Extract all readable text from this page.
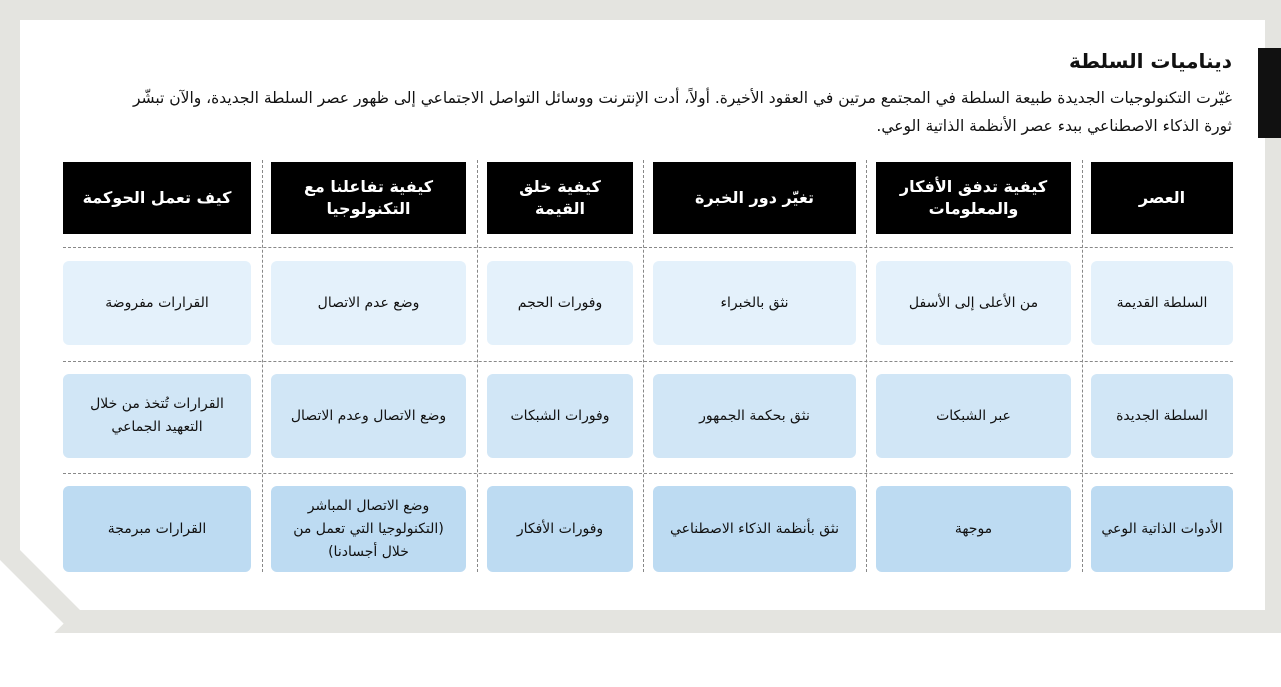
ديناميات السلطة

غيّرت التكنولوجيات الجديدة طبيعة السلطة في المجتمع مرتين في العقود الأخيرة. أولاً، أدت الإنترنت ووسائل التواصل الاجتماعي إلى ظهور عصر السلطة الجديدة، والآن تبشّر ثورة الذكاء الاصطناعي ببدء عصر الأنظمة الذاتية الوعي.

العصر
كيفية تدفق الأفكار والمعلومات
تغيّر دور الخبرة
كيفية خلق القيمة
كيفية تفاعلنا مع التكنولوجيا
كيف تعمل الحوكمة
السلطة القديمة
من الأعلى إلى الأسفل
نثق بالخبراء
وفورات الحجم
وضع عدم الاتصال
القرارات مفروضة
السلطة الجديدة
عبر الشبكات
نثق بحكمة الجمهور
وفورات الشبكات
وضع الاتصال وعدم الاتصال
القرارات تُتخذ من خلال التعهيد الجماعي
الأدوات الذاتية الوعي
موجهة
نثق بأنظمة الذكاء الاصطناعي
وفورات الأفكار
وضع الاتصال المباشر (التكنولوجيا التي تعمل من خلال أجسادنا)
القرارات مبرمجة
